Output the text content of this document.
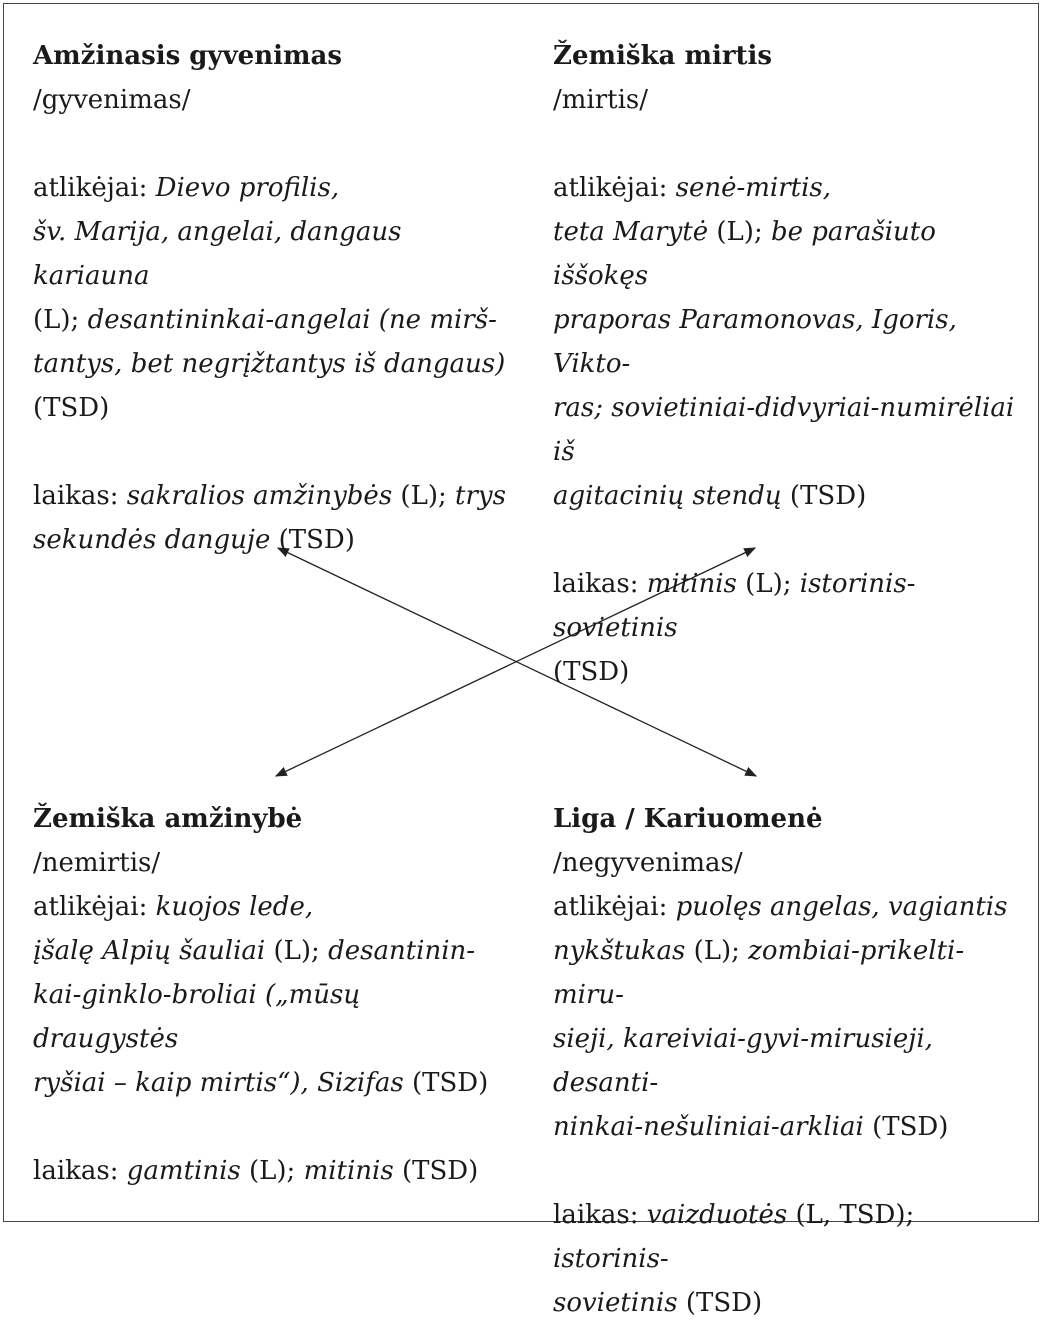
Amžinasis gyvenimas
/gyvenimas/
atlikėjai: Dievo profilis,
šv. Marija, angelai, dangaus kariauna
(L); desantininkai-angelai (ne mirš-
tantys, bet negrįžtantys iš dangaus)
(TSD)
laikas: sakralios amžinybės (L); trys
sekundės danguje (TSD)
Žemiška mirtis
/mirtis/
atlikėjai: senė-mirtis,
teta Marytė (L); be parašiuto iššokęs
praporas Paramonovas, Igoris, Vikto-
ras; sovietiniai-didvyriai-numirėliai iš
agitacinių stendų (TSD)
laikas: mitinis (L); istorinis-sovietinis
(TSD)
Žemiška amžinybė
/nemirtis/
atlikėjai: kuojos lede,
įšalę Alpių šauliai (L); desantinin-
kai-ginklo-broliai („mūsų draugystės
ryšiai – kaip mirtis“), Sizifas (TSD)
laikas: gamtinis (L); mitinis (TSD)
Liga / Kariuomenė
/negyvenimas/
atlikėjai: puolęs angelas, vagiantis
nykštukas (L); zombiai-prikelti-miru-
sieji, kareiviai-gyvi-mirusieji, desanti-
ninkai-nešuliniai-arkliai (TSD)
laikas: vaizduotės (L, TSD); istorinis-
sovietinis (TSD)
